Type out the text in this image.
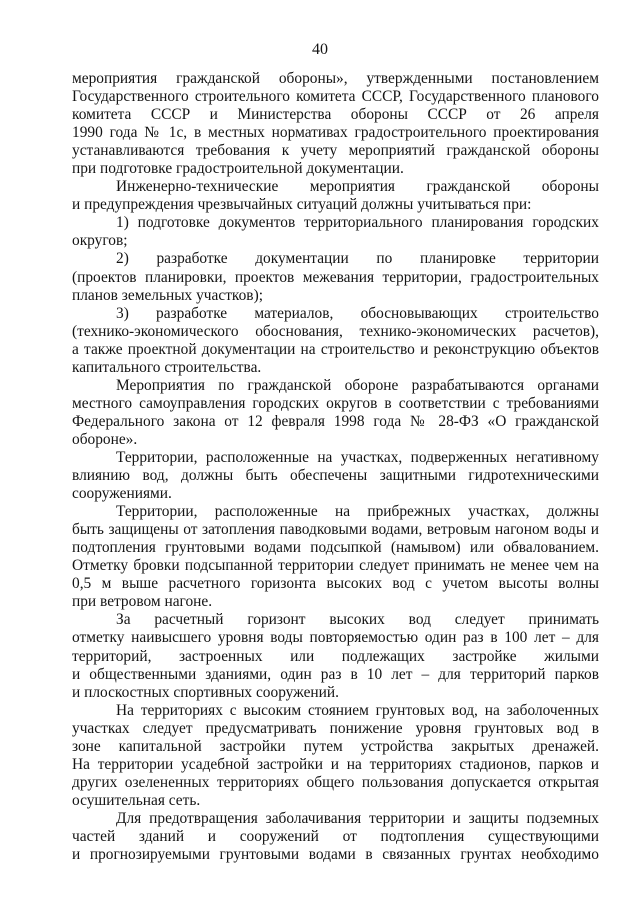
40

мероприятия гражданской обороны», утвержденными постановлением
Государственного строительного комитета СССР, Государственного планового
комитета СССР и Министерства обороны СССР от 26 апреля
1990 года № 1с, в местных нормативах градостроительного проектирования
устанавливаются требования к учету мероприятий гражданской обороны
при подготовке градостроительной документации.

Инженерно-технические мероприятия гражданской обороны
и предупреждения чрезвычайных ситуаций должны учитываться при:

1) подготовке документов территориального планирования городских
округов;

2) разработке документации по планировке территории
(проектов планировки, проектов межевания территории, градостроительных
планов земельных участков);

3) разработке материалов, обосновывающих строительство
(технико-экономического обоснования, технико-экономических расчетов),
а также проектной документации на строительство и реконструкцию объектов
капитального строительства.

Мероприятия по гражданской обороне разрабатываются органами
местного самоуправления городских округов в соответствии с требованиями
Федерального закона от 12 февраля 1998 года № 28-ФЗ «О гражданской
обороне».

Территории, расположенные на участках, подверженных негативному
влиянию вод, должны быть обеспечены защитными гидротехническими
сооружениями.

Территории, расположенные на прибрежных участках, должны
быть защищены от затопления паводковыми водами, ветровым нагоном воды и
подтопления грунтовыми водами подсыпкой (намывом) или обвалованием.
Отметку бровки подсыпанной территории следует принимать не менее чем на
0,5 м выше расчетного горизонта высоких вод с учетом высоты волны
при ветровом нагоне.

За расчетный горизонт высоких вод следует принимать
отметку наивысшего уровня воды повторяемостью один раз в 100 лет – для
территорий, застроенных или подлежащих застройке жилыми
и общественными зданиями, один раз в 10 лет – для территорий парков
и плоскостных спортивных сооружений.

На территориях с высоким стоянием грунтовых вод, на заболоченных
участках следует предусматривать понижение уровня грунтовых вод в
зоне капитальной застройки путем устройства закрытых дренажей.
На территории усадебной застройки и на территориях стадионов, парков и
других озелененных территориях общего пользования допускается открытая
осушительная сеть.

Для предотвращения заболачивания территории и защиты подземных
частей зданий и сооружений от подтопления существующими
и прогнозируемыми грунтовыми водами в связанных грунтах необходимо
